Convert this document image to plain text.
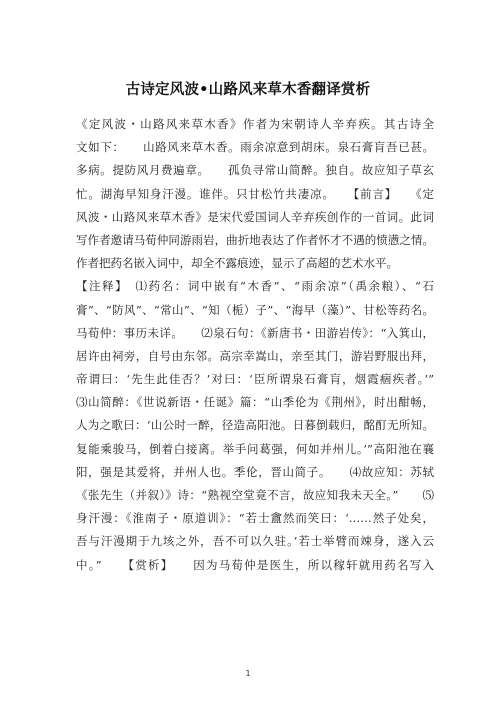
古诗定风波•山路风来草木香翻译赏析
《定风波・山路风来草木香》作者为宋朝诗人辛弃疾。其古诗全
文如下：　　山路风来草木香。雨余凉意到胡床。泉石膏肓吾已甚。
多病。提防风月费遍章。　　孤负寻常山简醉。独自。故应知子草玄
忙。湖海早知身汗漫。谁伴。只甘松竹共凄凉。　　【前言】　　《定
风波・山路风来草木香》是宋代爱国词人辛弃疾创作的一首词。此词
写作者邀请马荀仲同游雨岩，曲折地表达了作者怀才不遇的愤懑之情。
作者把药名嵌入词中，却全不露痕迹，显示了高超的艺术水平。
【注释】　⑴药名：词中嵌有“木香”、“雨余凉”（禹余粮）、“石
膏”、“防风”、“常山”、“知（栀）子”、“海早（藻）”、甘松等药名。
马荀仲：事历未详。　　⑵泉石句：《新唐书・田游岩传》：“入箕山，
居许由祠旁，自号由东邻。高宗幸嵩山，亲至其门，游岩野服出拜，
帝谓曰：‘先生此佳否？’对曰：‘臣所谓泉石膏肓，烟霞痼疾者。’”
⑶山简醉：《世说新语・任诞》篇：“山季伦为《荆州》，时出酣畅，
人为之歌曰：‘山公时一醉，径造高阳池。日暮倒载归，酩酊无所知。
复能乘骏马，倒着白接离。举手问葛强，何如并州儿。’”高阳池在襄
阳，强是其爱将，并州人也。季伦，晋山简子。　　⑷故应知：苏轼
《张先生（并叙）》诗：“熟视空堂竟不言，故应知我未天全。”　　⑸
身汗漫：《淮南子・原道训》：“若士盦然而笑曰：‘……然子处矣，
吾与汗漫期于九垓之外，吾不可以久驻。’若士举臂而竦身，遂入云
中。”　　【赏析】　　因为马荀仲是医生，所以稼轩就用药名写入
1
